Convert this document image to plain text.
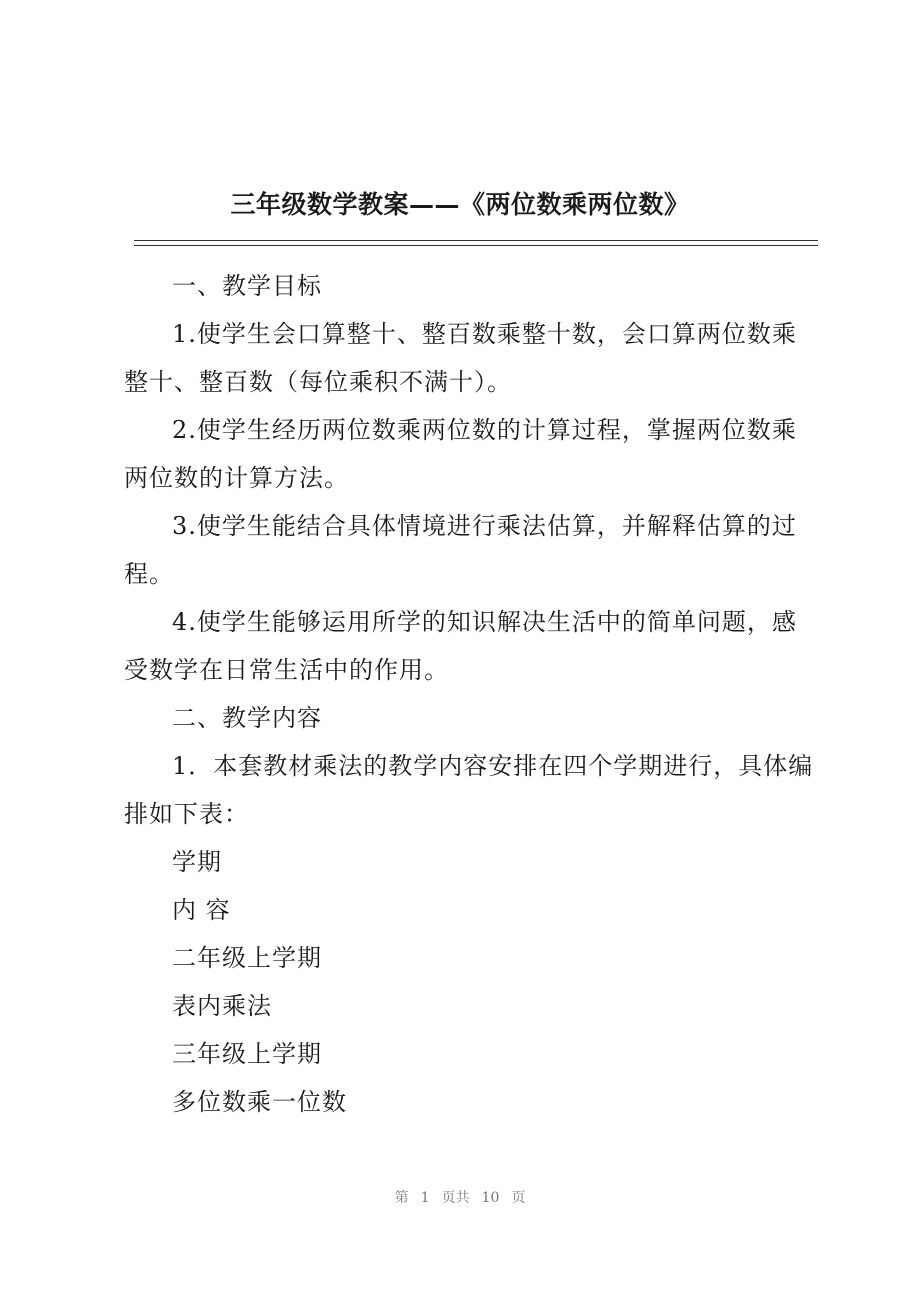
三年级数学教案——《两位数乘两位数》

一、教学目标

1.使学生会口算整十、整百数乘整十数，会口算两位数乘整十、整百数（每位乘积不满十）。

2.使学生经历两位数乘两位数的计算过程，掌握两位数乘两位数的计算方法。

3.使学生能结合具体情境进行乘法估算，并解释估算的过程。

4.使学生能够运用所学的知识解决生活中的简单问题，感受数学在日常生活中的作用。

二、教学内容

1．本套教材乘法的教学内容安排在四个学期进行，具体编排如下表：

学期

内 容

二年级上学期

表内乘法

三年级上学期

多位数乘一位数

第 1 页共 10 页
